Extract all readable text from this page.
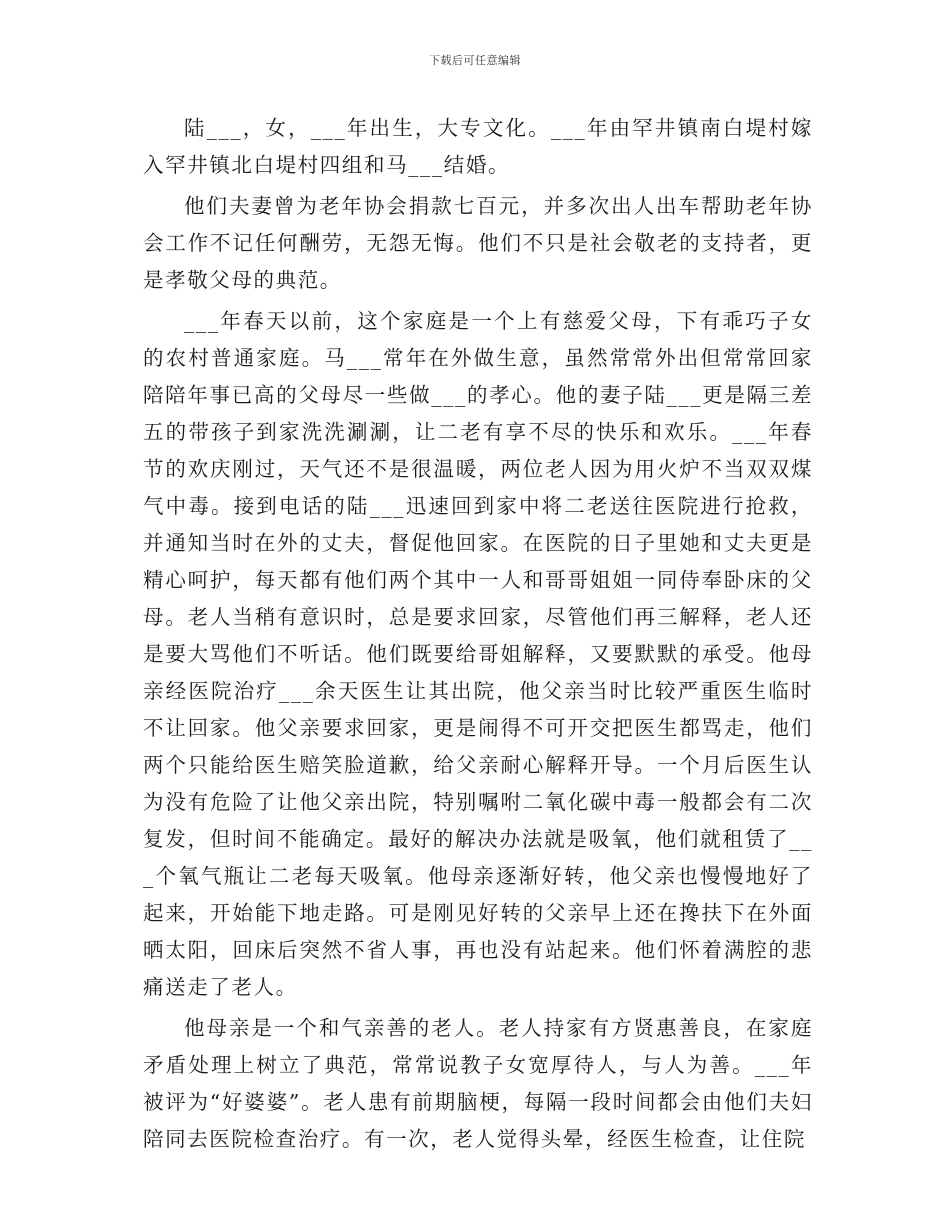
下载后可任意编辑

陆___，女，___年出生，大专文化。___年由罕井镇南白堤村嫁入罕井镇北白堤村四组和马___结婚。

他们夫妻曾为老年协会捐款七百元，并多次出人出车帮助老年协会工作不记任何酬劳，无怨无悔。他们不只是社会敬老的支持者，更是孝敬父母的典范。

___年春天以前，这个家庭是一个上有慈爱父母，下有乖巧子女的农村普通家庭。马___常年在外做生意，虽然常常外出但常常回家陪陪年事已高的父母尽一些做___的孝心。他的妻子陆___更是隔三差五的带孩子到家洗洗涮涮，让二老有享不尽的快乐和欢乐。___年春节的欢庆刚过，天气还不是很温暖，两位老人因为用火炉不当双双煤气中毒。接到电话的陆___迅速回到家中将二老送往医院进行抢救，并通知当时在外的丈夫，督促他回家。在医院的日子里她和丈夫更是精心呵护，每天都有他们两个其中一人和哥哥姐姐一同侍奉卧床的父母。老人当稍有意识时，总是要求回家，尽管他们再三解释，老人还是要大骂他们不听话。他们既要给哥姐解释，又要默默的承受。他母亲经医院治疗___余天医生让其出院，他父亲当时比较严重医生临时不让回家。他父亲要求回家，更是闹得不可开交把医生都骂走，他们两个只能给医生赔笑脸道歉，给父亲耐心解释开导。一个月后医生认为没有危险了让他父亲出院，特别嘱咐二氧化碳中毒一般都会有二次复发，但时间不能确定。最好的解决办法就是吸氧，他们就租赁了___个氧气瓶让二老每天吸氧。他母亲逐渐好转，他父亲也慢慢地好了起来，开始能下地走路。可是刚见好转的父亲早上还在搀扶下在外面晒太阳，回床后突然不省人事，再也没有站起来。他们怀着满腔的悲痛送走了老人。

他母亲是一个和气亲善的老人。老人持家有方贤惠善良，在家庭矛盾处理上树立了典范，常常说教子女宽厚待人，与人为善。___年被评为“好婆婆”。老人患有前期脑梗，每隔一段时间都会由他们夫妇陪同去医院检查治疗。有一次，老人觉得头晕，经医生检查，让住院
